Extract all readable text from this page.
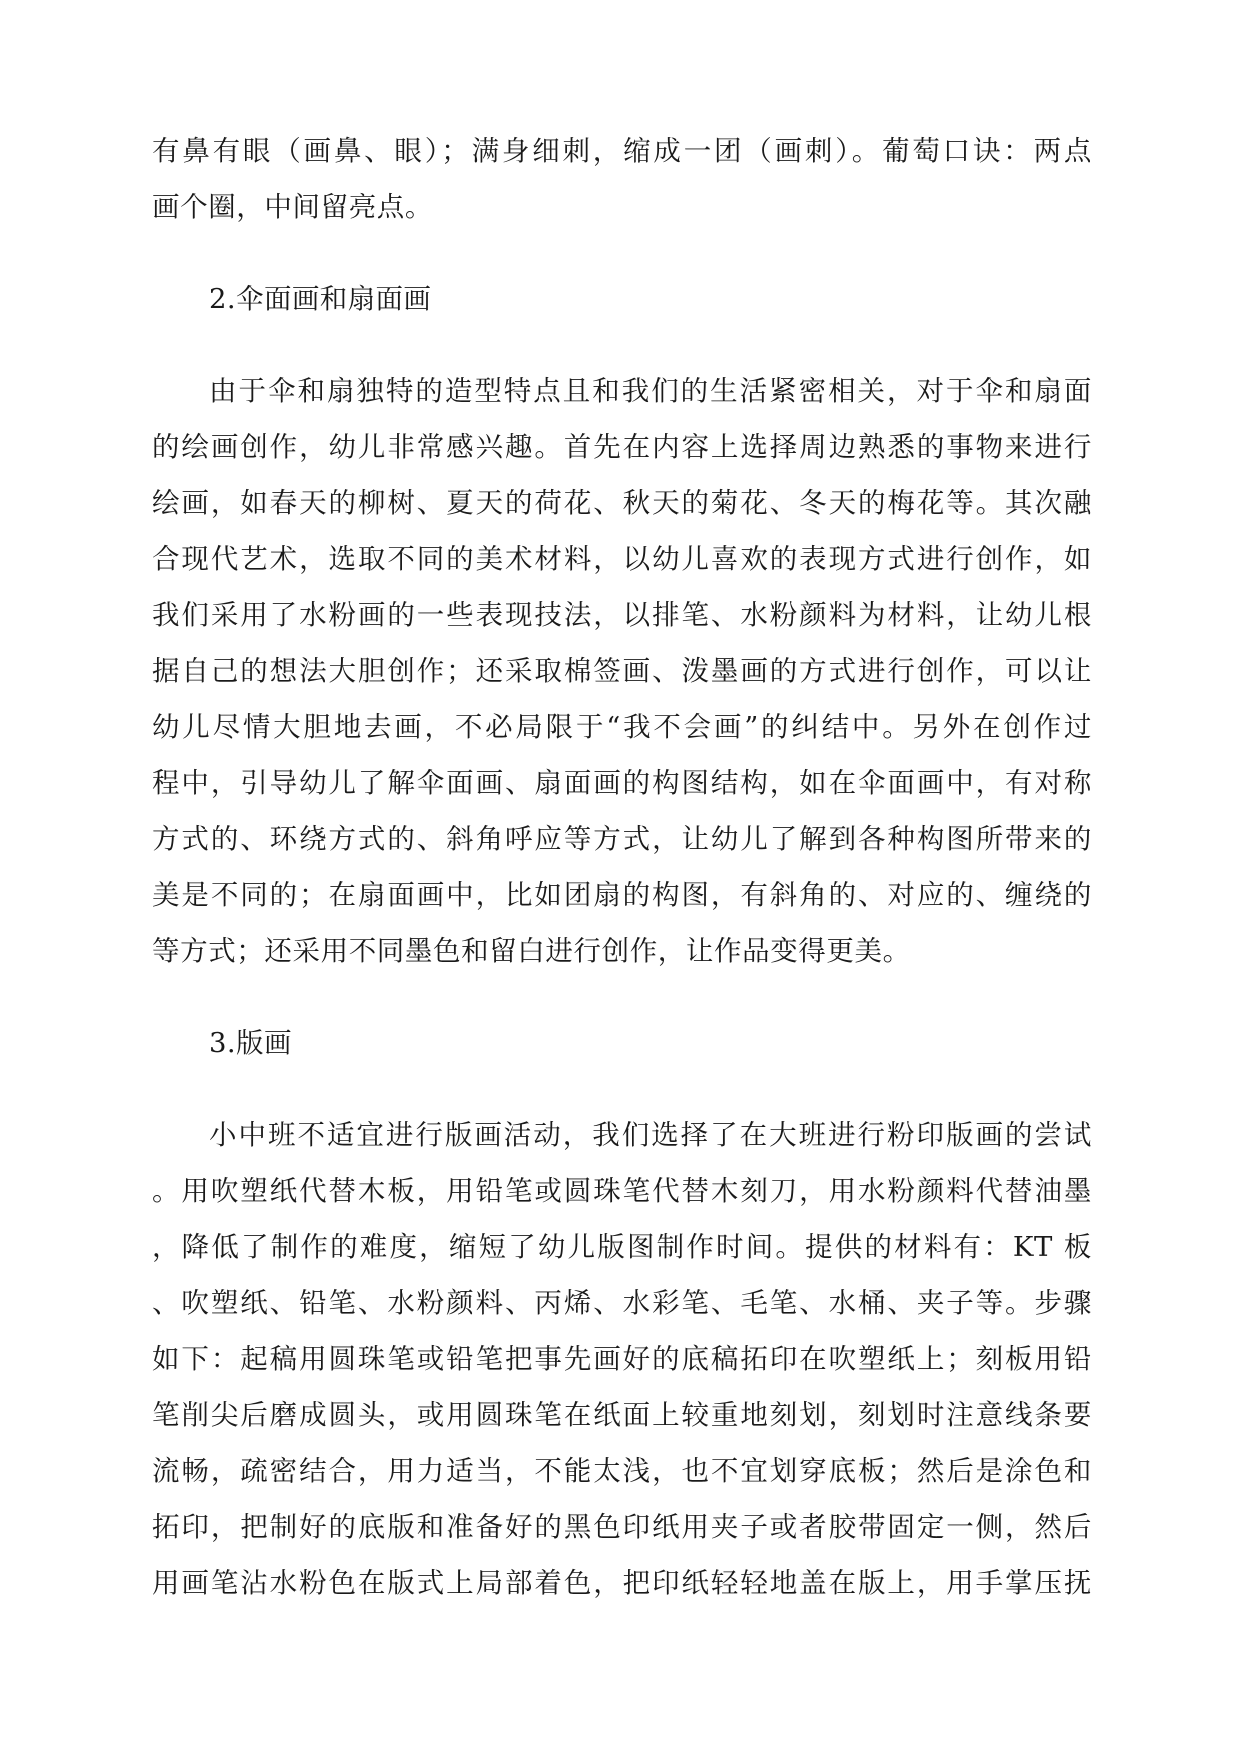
有鼻有眼（画鼻、眼）；满身细刺，缩成一团（画刺）。葡萄口诀：两点
画个圈，中间留亮点。
2.伞面画和扇面画
由于伞和扇独特的造型特点且和我们的生活紧密相关，对于伞和扇面
的绘画创作，幼儿非常感兴趣。首先在内容上选择周边熟悉的事物来进行
绘画，如春天的柳树、夏天的荷花、秋天的菊花、冬天的梅花等。其次融
合现代艺术，选取不同的美术材料，以幼儿喜欢的表现方式进行创作，如
我们采用了水粉画的一些表现技法，以排笔、水粉颜料为材料，让幼儿根
据自己的想法大胆创作；还采取棉签画、泼墨画的方式进行创作，可以让
幼儿尽情大胆地去画，不必局限于“我不会画”的纠结中。另外在创作过
程中，引导幼儿了解伞面画、扇面画的构图结构，如在伞面画中，有对称
方式的、环绕方式的、斜角呼应等方式，让幼儿了解到各种构图所带来的
美是不同的；在扇面画中，比如团扇的构图，有斜角的、对应的、缠绕的
等方式；还采用不同墨色和留白进行创作，让作品变得更美。
3.版画
小中班不适宜进行版画活动，我们选择了在大班进行粉印版画的尝试
。用吹塑纸代替木板，用铅笔或圆珠笔代替木刻刀，用水粉颜料代替油墨
，降低了制作的难度，缩短了幼儿版图制作时间。提供的材料有：KT 板
、吹塑纸、铅笔、水粉颜料、丙烯、水彩笔、毛笔、水桶、夹子等。步骤
如下：起稿用圆珠笔或铅笔把事先画好的底稿拓印在吹塑纸上；刻板用铅
笔削尖后磨成圆头，或用圆珠笔在纸面上较重地刻划，刻划时注意线条要
流畅，疏密结合，用力适当，不能太浅，也不宜划穿底板；然后是涂色和
拓印，把制好的底版和准备好的黑色印纸用夹子或者胶带固定一侧，然后
用画笔沾水粉色在版式上局部着色，把印纸轻轻地盖在版上，用手掌压抚
